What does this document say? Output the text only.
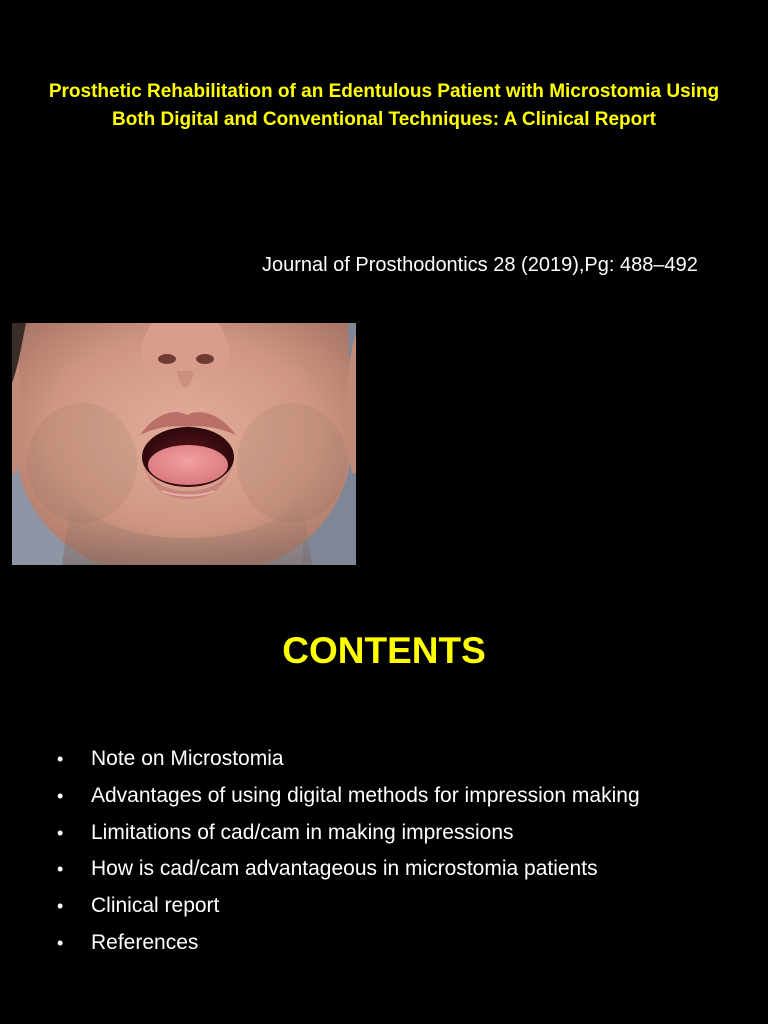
Prosthetic Rehabilitation of an Edentulous Patient with Microstomia Using Both Digital and Conventional Techniques: A Clinical Report
Journal of Prosthodontics 28 (2019),Pg: 488–492
CONTENTS
•	Note on Microstomia
•	Advantages of using digital methods for impression making
•	Limitations of cad/cam in making impressions
•	How is cad/cam advantageous in microstomia patients
•	Clinical report
•	References
